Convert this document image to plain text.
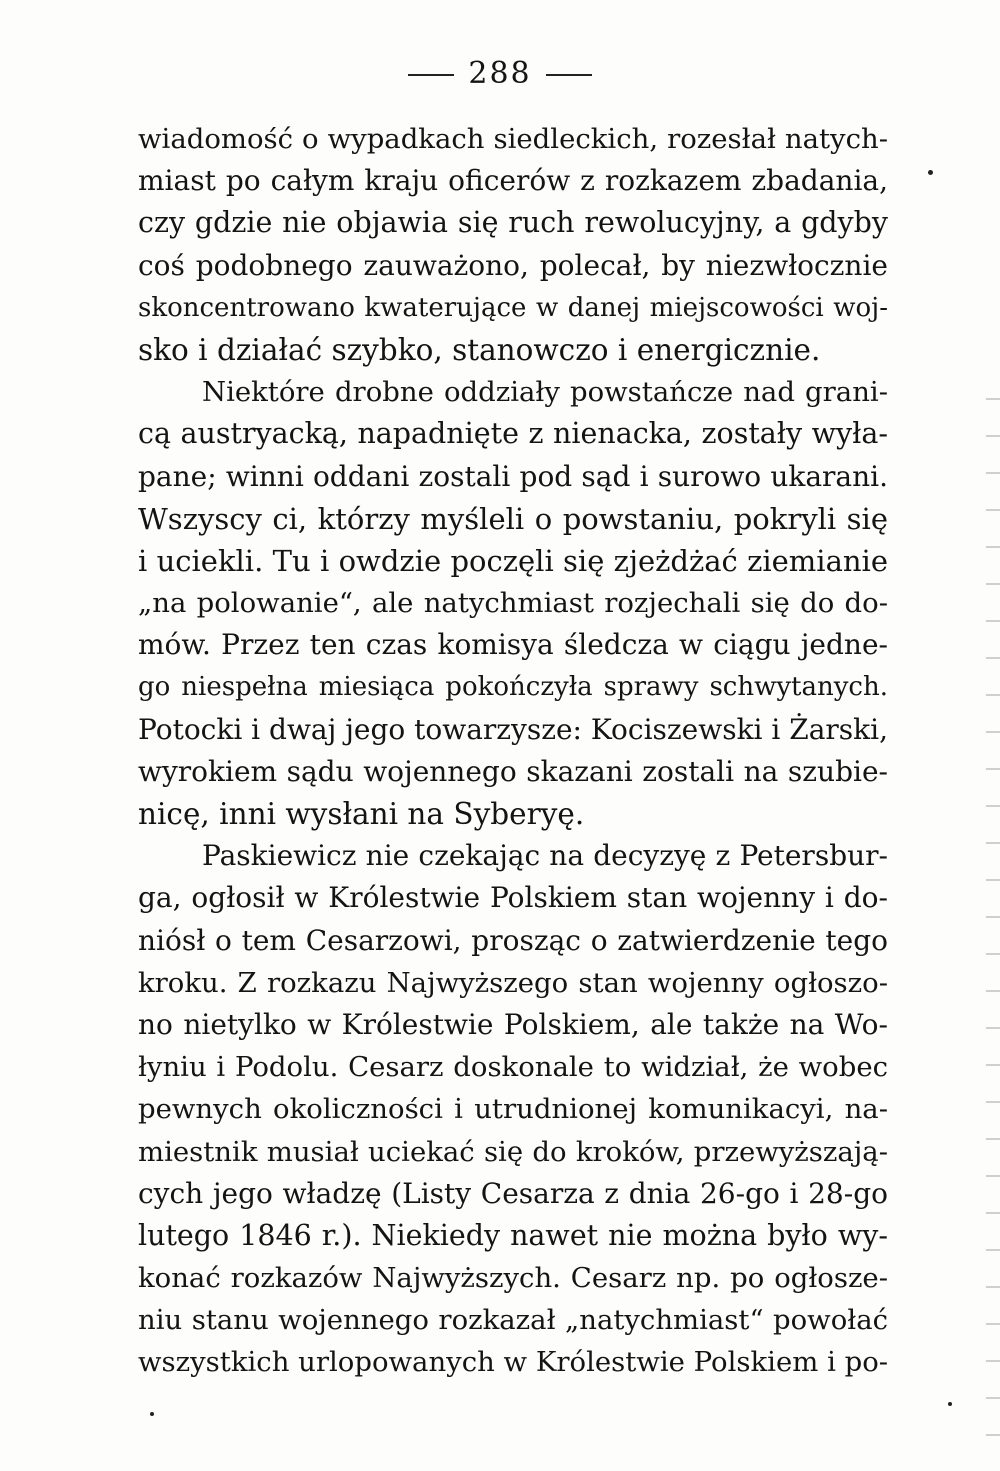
288
wiadomość o wypadkach siedleckich, rozesłał natych-
miast po całym kraju oficerów z rozkazem zbadania,
czy gdzie nie objawia się ruch rewolucyjny, a gdyby
coś podobnego zauważono, polecał, by niezwłocznie
skoncentrowano kwaterujące w danej miejscowości woj-
sko i działać szybko, stanowczo i energicznie.
Niektóre drobne oddziały powstańcze nad grani-
cą austryacką, napadnięte z nienacka, zostały wyła-
pane; winni oddani zostali pod sąd i surowo ukarani.
Wszyscy ci, którzy myśleli o powstaniu, pokryli się
i uciekli. Tu i owdzie poczęli się zjeżdżać ziemianie
„na polowanie“, ale natychmiast rozjechali się do do-
mów. Przez ten czas komisya śledcza w ciągu jedne-
go niespełna miesiąca pokończyła sprawy schwytanych.
Potocki i dwaj jego towarzysze: Kociszewski i Żarski,
wyrokiem sądu wojennego skazani zostali na szubie-
nicę, inni wysłani na Syberyę.
Paskiewicz nie czekając na decyzyę z Petersbur-
ga, ogłosił w Królestwie Polskiem stan wojenny i do-
niósł o tem Cesarzowi, prosząc o zatwierdzenie tego
kroku. Z rozkazu Najwyższego stan wojenny ogłoszo-
no nietylko w Królestwie Polskiem, ale także na Wo-
łyniu i Podolu. Cesarz doskonale to widział, że wobec
pewnych okoliczności i utrudnionej komunikacyi, na-
miestnik musiał uciekać się do kroków, przewyższają-
cych jego władzę (Listy Cesarza z dnia 26-go i 28-go
lutego 1846 r.). Niekiedy nawet nie można było wy-
konać rozkazów Najwyższych. Cesarz np. po ogłosze-
niu stanu wojennego rozkazał „natychmiast“ powołać
wszystkich urlopowanych w Królestwie Polskiem i po-
